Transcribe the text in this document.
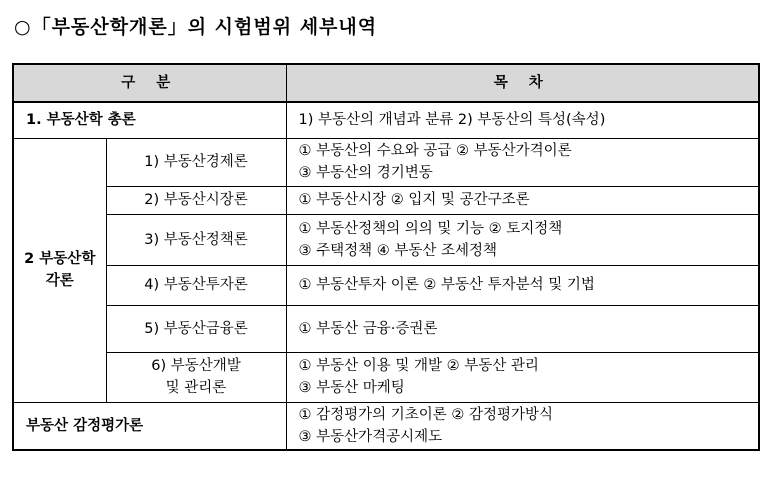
○「부동산학개론」의 시험범위 세부내역
구 분		목 차
1. 부동산학 총론		1) 부동산의 개념과 분류 2) 부동산의 특성(속성)

2 부동산학
각론	1) 부동산경제론	① 부동산의 수요와 공급 ② 부동산가격이론
③ 부동산의 경기변동

	2) 부동산시장론	① 부동산시장 ② 입지 및 공간구조론
	3) 부동산정책론	① 부동산정책의 의의 및 기능 ② 토지정책
③ 주택정책 ④ 부동산 조세정책

	4) 부동산투자론	① 부동산투자 이론 ② 부동산 투자분석 및 기법
	5) 부동산금융론	① 부동산 금융·증권론

	6) 부동산개발
및 관리론	① 부동산 이용 및 개발 ② 부동산 관리
③ 부동산 마케팅

부동산 감정평가론		① 감정평가의 기초이론 ② 감정평가방식
③ 부동산가격공시제도
